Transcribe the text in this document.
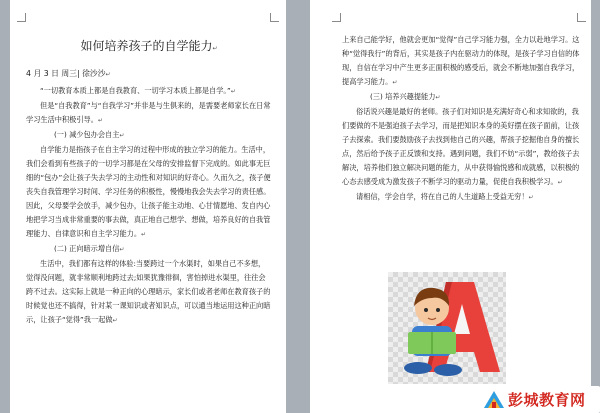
如何培养孩子的自学能力↵

4 月 3 日 周三| 徐沙沙↵

“一切教育本质上都是自我教育、一切学习本质上都是自学。”↵

但是“自我教育”与“自我学习”并非是与生俱来的，是需要老师家长在日常学习生活中积极引导。↵

(一) 减少包办会自主↵

自学能力是指孩子在自主学习的过程中形成的独立学习的能力。生活中，我们会看到有些孩子的一切学习都是在父母的安排监督下完成的。如此事无巨细的“包办”会让孩子失去学习的主动性和对知识的好奇心。久而久之，孩子便丧失自我管理学习时间、学习任务的积极性，慢慢地我会失去学习的责任感。因此，父母要学会放手，减少包办，让孩子能主动地、心甘情愿地、发自内心地把学习当成非常重要的事去做，真正地自己想学、想做，培养良好的自我管理能力、自律意识和自主学习能力。↵

(二) 正向暗示增自信↵

生活中，我们都有这样的体验:当要跨过一个水渠时，如果自己不多想，觉得没问题，就非常顺利地跨过去;如果犹豫徘徊，害怕掉进水渠里，往往会跨不过去。这实际上就是一种正向的心理暗示，家长们或者老师在教育孩子的时候觉也还不搞得，针对某一课知识或者知识点，可以通当地运用这种正向暗示，让孩子“觉得”我一起做↵

上来自己能学好，他就会更加“觉得”自己学习能力强，全力以赴地学习。这种“觉得我行”的背后，其实是孩子内在驱动力的体现，是孩子学习自信的体现，自信在学习中产生更多正面积极的感受后，就会不断地加强自我学习，提高学习能力。↵

(三) 培养兴趣提能力↵

俗话说兴趣是最好的老师。孩子们对知识是充满好奇心和求知欲的，我们要做的不是强迫孩子去学习，而是把知识本身的美好摆在孩子面前，让孩子去探索。我们要鼓励孩子去找到他自己的兴趣，帮孩子挖掘他自身的擅长点，然后给予孩子正反馈和支持。遇到问题，我们不妨“示弱”，教给孩子去解决，培养他们独立解决问题的能力，从中获得愉悦感和成就感，以积极的心态去感受成为激发孩子不断学习的驱动力量，促使自我积极学习。↵

请相信，学会自学，将在自己的人生道路上受益无穷！↵

彭城教育网
